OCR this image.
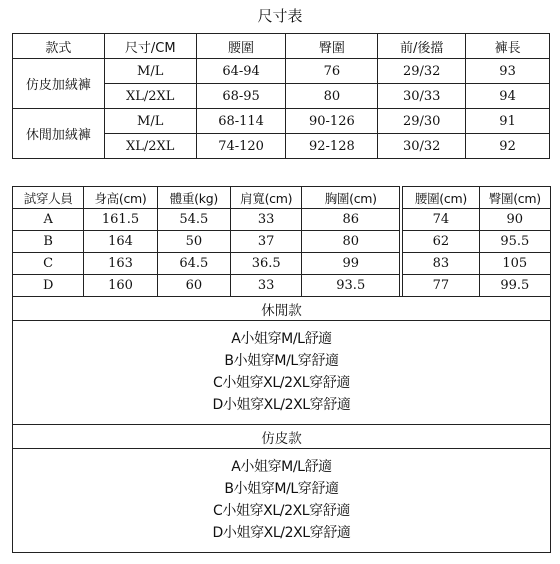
尺寸表
款式	尺寸/CM	腰圍	臀圍	前/後擋	褲長
仿皮加絨褲	M/L	64-94	76	29/32	93
	XL/2XL	68-95	80	30/33	94
休閒加絨褲	M/L	68-114	90-126	29/30	91
	XL/2XL	74-120	92-128	30/32	92
試穿人員	身高(cm)	體重(kg)	肩寬(cm)	胸圍(cm)		腰圍(cm)	臀圍(cm)
A	161.5	54.5	33	86		74	90
B	164	50	37	80		62	95.5
C	163	64.5	36.5	99		83	105
D	160	60	33	93.5		77	99.5
休閒款							

A小姐穿M/L舒適
B小姐穿M/L穿舒適
C小姐穿XL/2XL穿舒適
D小姐穿XL/2XL穿舒適							

仿皮款							

A小姐穿M/L舒適
B小姐穿M/L穿舒適
C小姐穿XL/2XL穿舒適
D小姐穿XL/2XL穿舒適							
